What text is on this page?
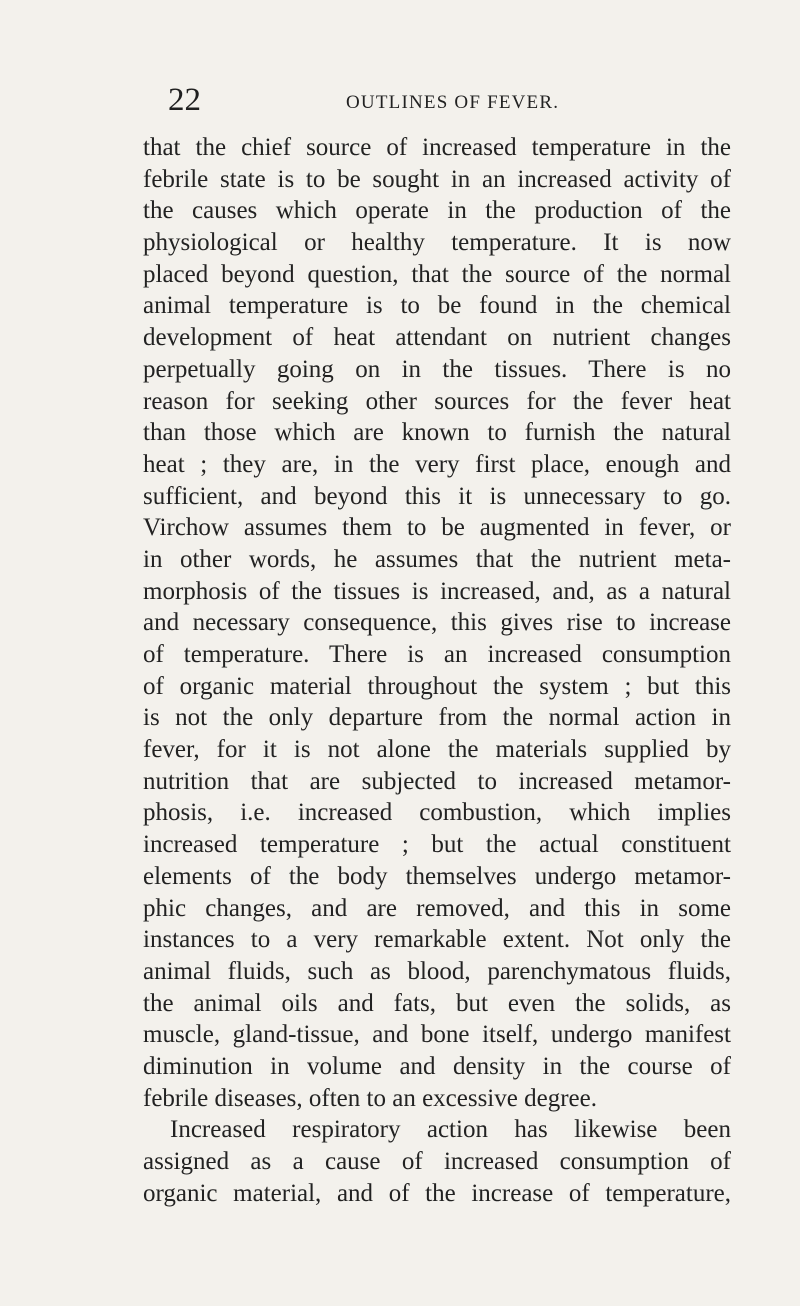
22	OUTLINES OF FEVER.
that the chief source of increased temperature in the
febrile state is to be sought in an increased activity of
the causes which operate in the production of the
physiological or healthy temperature. It is now
placed beyond question, that the source of the normal
animal temperature is to be found in the chemical
development of heat attendant on nutrient changes
perpetually going on in the tissues. There is no
reason for seeking other sources for the fever heat
than those which are known to furnish the natural
heat ; they are, in the very first place, enough and
sufficient, and beyond this it is unnecessary to go.
Virchow assumes them to be augmented in fever, or
in other words, he assumes that the nutrient meta-
morphosis of the tissues is increased, and, as a natural
and necessary consequence, this gives rise to increase
of temperature. There is an increased consumption
of organic material throughout the system ; but this
is not the only departure from the normal action in
fever, for it is not alone the materials supplied by
nutrition that are subjected to increased metamor-
phosis, i.e. increased combustion, which implies
increased temperature ; but the actual constituent
elements of the body themselves undergo metamor-
phic changes, and are removed, and this in some
instances to a very remarkable extent. Not only the
animal fluids, such as blood, parenchymatous fluids,
the animal oils and fats, but even the solids, as
muscle, gland-tissue, and bone itself, undergo manifest
diminution in volume and density in the course of
febrile diseases, often to an excessive degree.
Increased respiratory action has likewise been
assigned as a cause of increased consumption of
organic material, and of the increase of temperature,
